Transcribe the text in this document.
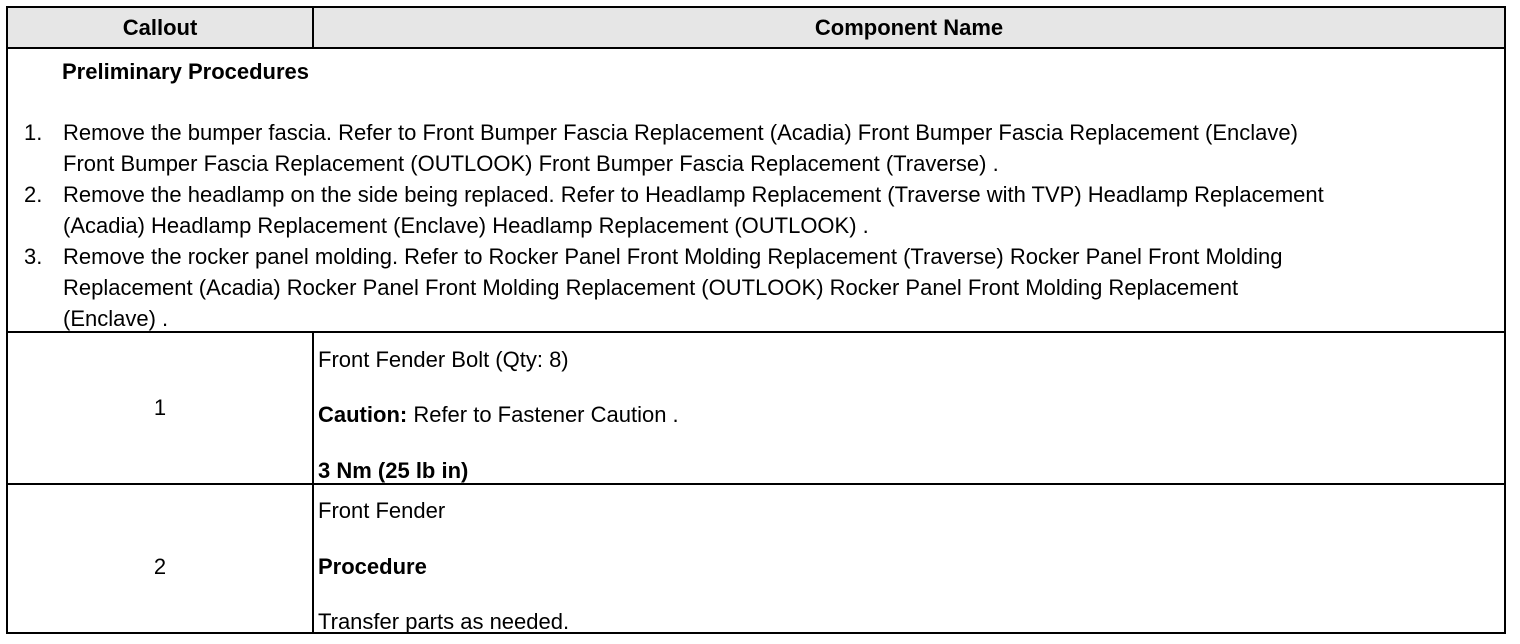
Callout	Component Name
Preliminary Procedures
1. Remove the bumper fascia. Refer to Front Bumper Fascia Replacement (Acadia) Front Bumper Fascia Replacement (Enclave)
Front Bumper Fascia Replacement (OUTLOOK) Front Bumper Fascia Replacement (Traverse) .
2. Remove the headlamp on the side being replaced. Refer to Headlamp Replacement (Traverse with TVP) Headlamp Replacement
(Acadia) Headlamp Replacement (Enclave) Headlamp Replacement (OUTLOOK) .
3. Remove the rocker panel molding. Refer to Rocker Panel Front Molding Replacement (Traverse) Rocker Panel Front Molding
Replacement (Acadia) Rocker Panel Front Molding Replacement (OUTLOOK) Rocker Panel Front Molding Replacement
(Enclave) .
1
Front Fender Bolt (Qty: 8)
Caution: Refer to Fastener Caution .
3 Nm (25 lb in)
2
Front Fender
Procedure
Transfer parts as needed.
